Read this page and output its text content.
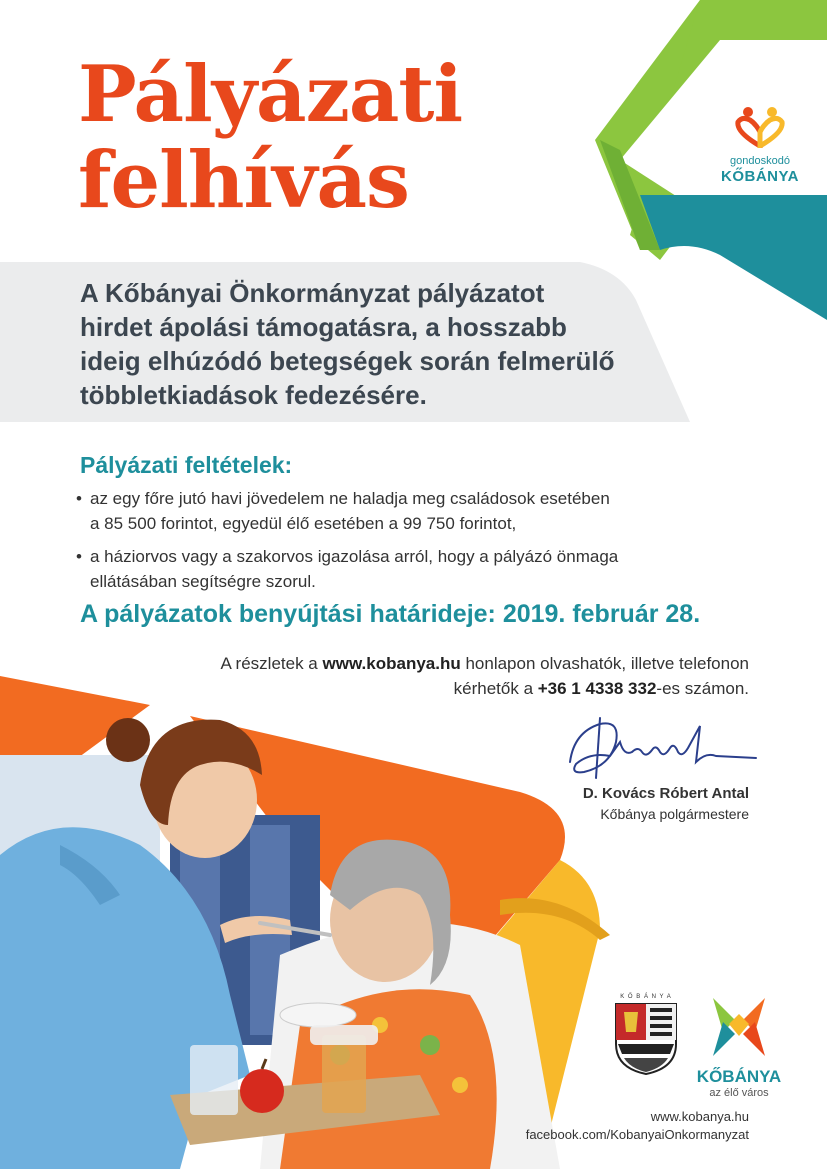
Pályázati
felhívás	gondoskodó
KŐBÁNYA
A Kőbányai Önkormányzat pályázatot
hirdet ápolási támogatásra, a hosszabb
ideig elhúzódó betegségek során felmerülő
többletkiadások fedezésére.
Pályázati feltételek:
• az egy főre jutó havi jövedelem ne haladja meg családosok esetében
a 85 500 forintot, egyedül élő esetében a 99 750 forintot,
• a háziorvos vagy a szakorvos igazolása arról, hogy a pályázó önmaga
ellátásában segítségre szorul.
A pályázatok benyújtási határideje: 2019. február 28.
A részletek a www.kobanya.hu honlapon olvashatók, illetve telefonon
kérhetők a +36 1 4338 332-es számon.
D. Kovács Róbert Antal
Kőbánya polgármestere
K Ő B Á N Y A
KŐBÁNYA
az élő város
www.kobanya.hu
facebook.com/KobanyaiOnkormanyzat
